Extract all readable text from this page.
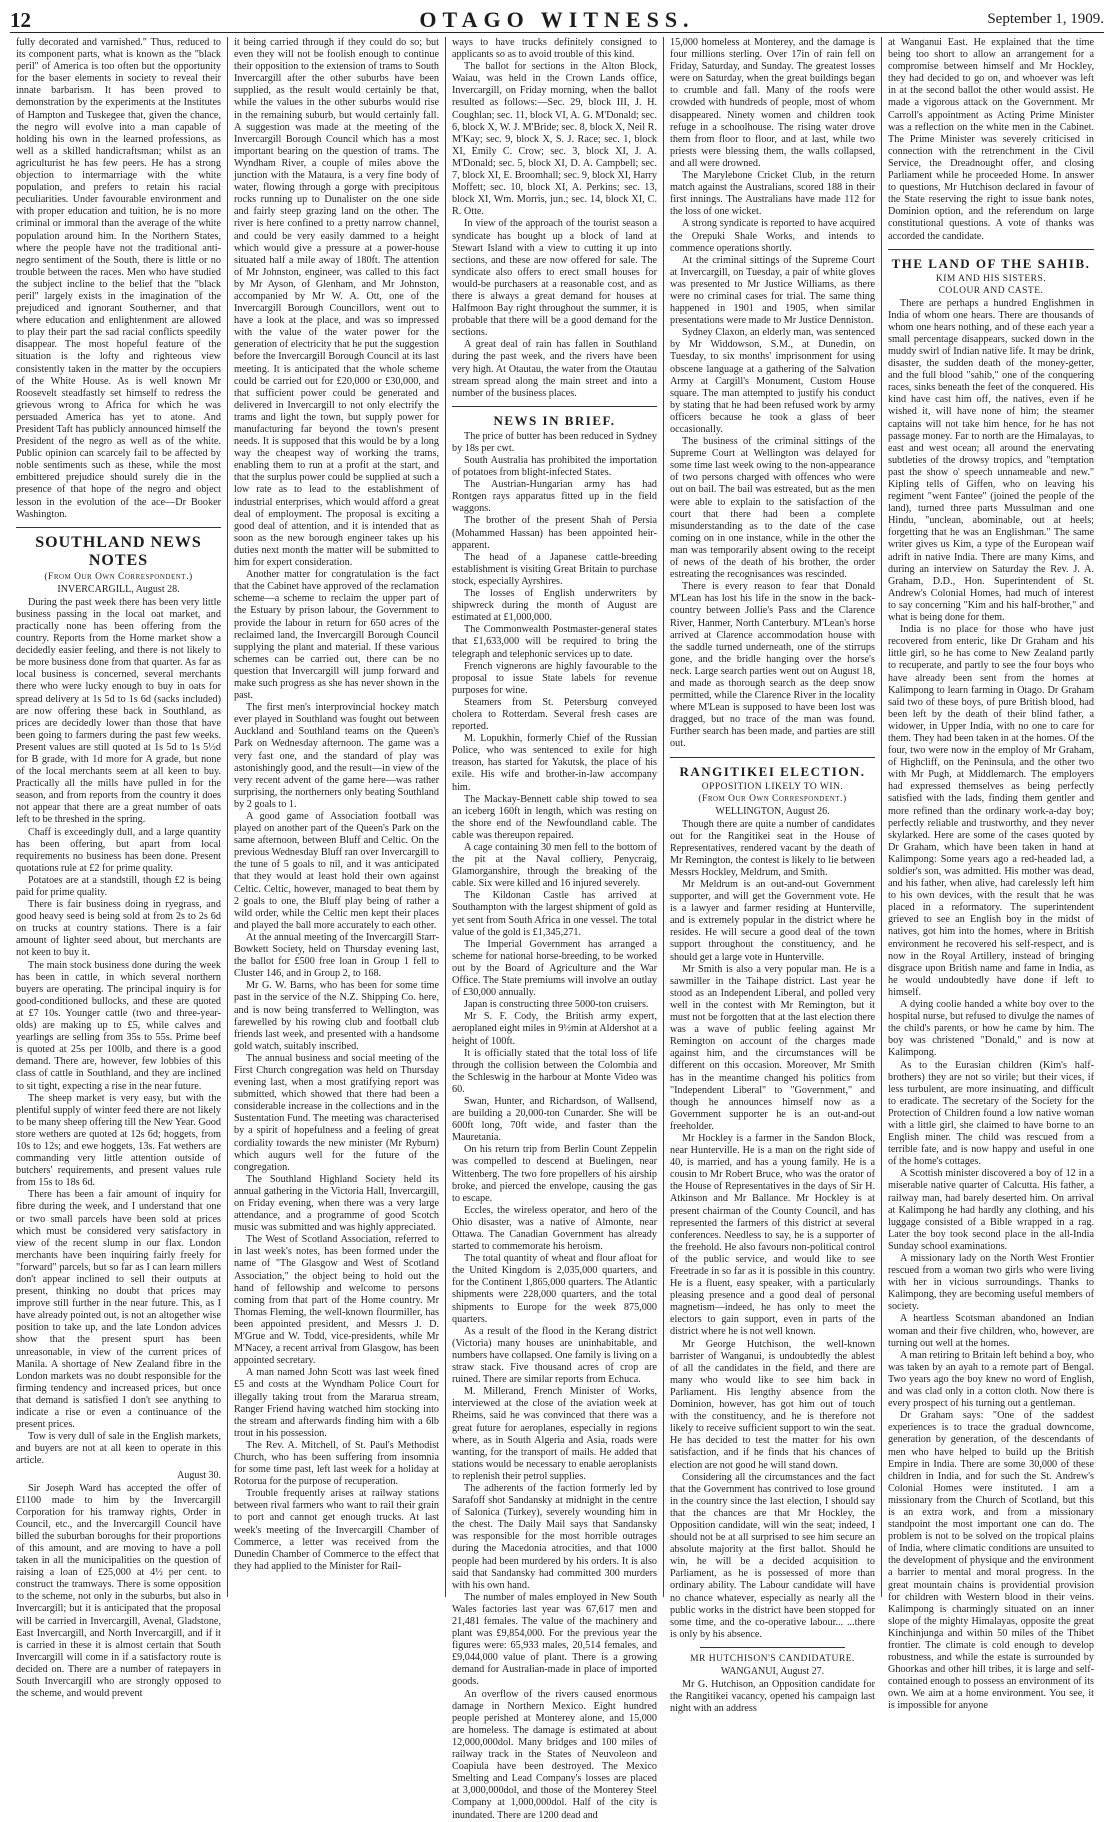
12	OTAGO WITNESS.	September 1, 1909.

fully decorated and varnished." Thus, reduced to its component parts, what is known as the "black peril" of America is too often but the opportunity for the baser elements in society to reveal their innate barbarism. It has been proved to demonstration by the experiments at the Institutes of Hampton and Tuskegee that, given the chance, the negro will evolve into a man capable of holding his own in the learned professions, as well as a skilled handicraftsman; whilst as an agriculturist he has few peers. He has a strong objection to intermarriage with the white population, and prefers to retain his racial peculiarities. Under favourable environment and with proper education and tuition, he is no more criminal or immoral than the average of the white population around him. In the Northern States, where the people have not the traditional anti-negro sentiment of the South, there is little or no trouble between the races. Men who have studied the subject incline to the belief that the "black peril" largely exists in the imagination of the prejudiced and ignorant Southerner, and that where education and enlightenment are allowed to play their part the sad racial conflicts speedily disappear. The most hopeful feature of the situation is the lofty and righteous view consistently taken in the matter by the occupiers of the White House. As is well known Mr Roosevelt steadfastly set himself to redress the grievous wrong to Africa for which he was persuaded America has yet to atone. And President Taft has publicly announced himself the President of the negro as well as of the white. Public opinion can scarcely fail to be affected by noble sentiments such as these, while the most embittered prejudice should surely die in the presence of that hope of the negro and object lesson in the evolution of the ace—Dr Booker Washington.

SOUTHLAND NEWS NOTES
(From Our Own Correspondent.)
INVERCARGILL, August 28.

During the past week there has been very little business passing in the local oat market, and practically none has been offering from the country. Reports from the Home market show a decidedly easier feeling, and there is not likely to be more business done from that quarter. As far as local business is concerned, several merchants there who were lucky enough to buy in oats for spread delivery at 1s 5d to 1s 6d (sacks included) are now offering these back in Southland, as prices are decidedly lower than those that have been going to farmers during the past few weeks. Present values are still quoted at 1s 5d to 1s 5½d for B grade, with 1d more for A grade, but none of the local merchants seem at all keen to buy. Practically all the mills have pulled in for the season, and from reports from the country it does not appear that there are a great number of oats left to be threshed in the spring.

Chaff is exceedingly dull, and a large quantity has been offering, but apart from local requirements no business has been done. Present quotations rule at £2 for prime quality.

Potatoes are at a standstill, though £2 is being paid for prime quality.

There is fair business doing in ryegrass, and good heavy seed is being sold at from 2s to 2s 6d on trucks at country stations. There is a fair amount of lighter seed about, but merchants are not keen to buy it.

The main stock business done during the week has been in cattle, in which several northern buyers are operating. The principal inquiry is for good-conditioned bullocks, and these are quoted at £7 10s. Younger cattle (two and three-year-olds) are making up to £5, while calves and yearlings are selling from 35s to 55s. Prime beef is quoted at 25s per 100lb, and there is a good demand. There are, however, few lobbies of this class of cattle in Southland, and they are inclined to sit tight, expecting a rise in the near future.

The sheep market is very easy, but with the plentiful supply of winter feed there are not likely to be many sheep offering till the New Year. Good store wethers are quoted at 12s 6d; hoggets, from 10s to 12s; and ewe hoggets, 13s. Fat wethers are commanding very little attention outside of butchers' requirements, and present values rule from 15s to 18s 6d.

There has been a fair amount of inquiry for fibre during the week, and I understand that one or two small parcels have been sold at prices which must be considered very satisfactory in view of the recent slump in our flax. London merchants have been inquiring fairly freely for "forward" parcels, but so far as I can learn millers don't appear inclined to sell their outputs at present, thinking no doubt that prices may improve still further in the near future. This, as I have already pointed out, is not an altogether wise position to take up, and the late London advices show that the present spurt has been unreasonable, in view of the current prices of Manila. A shortage of New Zealand fibre in the London markets was no doubt responsible for the firming tendency and increased prices, but once that demand is satisfied I don't see anything to indicate a rise or even a continuance of the present prices.

Tow is very dull of sale in the English markets, and buyers are not at all keen to operate in this article.

August 30.

Sir Joseph Ward has accepted the offer of £1100 made to him by the Invercargill Corporation for his tramway rights, Order in Council, etc., and the Invercargill Council have billed the suburban boroughs for their proportions of this amount, and are moving to have a poll taken in all the municipalities on the question of raising a loan of £25,000 at 4½ per cent. to construct the tramways. There is some opposition to the scheme, not only in the suburbs, but also in Invercargill; but it is anticipated that the proposal will be carried in Invercargill, Avenal, Gladstone, East Invercargill, and North Invercargill, and if it is carried in these it is almost certain that South Invercargill will come in if a satisfactory route is decided on. There are a number of ratepayers in South Invercargill who are strongly opposed to the scheme, and would prevent

it being carried through if they could do so; but even they will not be foolish enough to continue their opposition to the extension of trams to South Invercargill after the other suburbs have been supplied, as the result would certainly be that, while the values in the other suburbs would rise in the remaining suburb, but would certainly fall. A suggestion was made at the meeting of the Invercargill Borough Council which has a most important bearing on the question of trams. The Wyndham River, a couple of miles above the junction with the Mataura, is a very fine body of water, flowing through a gorge with precipitous rocks running up to Dunalister on the one side and fairly steep grazing land on the other. The river is here confined to a pretty narrow channel, and could be very easily dammed to a height which would give a pressure at a power-house situated half a mile away of 180ft. The attention of Mr Johnston, engineer, was called to this fact by Mr Ayson, of Glenham, and Mr Johnston, accompanied by Mr W. A. Ott, one of the Invercargill Borough Councillors, went out to have a look at the place, and was so impressed with the value of the water power for the generation of electricity that he put the suggestion before the Invercargill Borough Council at its last meeting. It is anticipated that the whole scheme could be carried out for £20,000 or £30,000, and that sufficient power could be generated and delivered in Invercargill to not only electrify the trams and light the town, but supply power for manufacturing far beyond the town's present needs. It is supposed that this would be by a long way the cheapest way of working the trams, enabling them to run at a profit at the start, and that the surplus power could be supplied at such a low rate as to lead to the establishment of industrial enterprises, which would afford a great deal of employment. The proposal is exciting a good deal of attention, and it is intended that as soon as the new borough engineer takes up his duties next month the matter will be submitted to him for expert consideration.

Another matter for congratulation is the fact that the Cabinet have approved of the reclamation scheme—a scheme to reclaim the upper part of the Estuary by prison labour, the Government to provide the labour in return for 650 acres of the reclaimed land, the Invercargill Borough Council supplying the plant and material. If these various schemes can be carried out, there can be no question that Invercargill will jump forward and make such progress as she has never shown in the past.

The first men's interprovincial hockey match ever played in Southland was fought out between Auckland and Southland teams on the Queen's Park on Wednesday afternoon. The game was a very fast one, and the standard of play was astonishingly good, and the result—in view of the very recent advent of the game here—was rather surprising, the northerners only beating Southland by 2 goals to 1.

A good game of Association football was played on another part of the Queen's Park on the same afternoon, between Bluff and Celtic. On the previous Wednesday Bluff ran over Invercargill to the tune of 5 goals to nil, and it was anticipated that they would at least hold their own against Celtic. Celtic, however, managed to beat them by 2 goals to one, the Bluff play being of rather a wild order, while the Celtic men kept their places and played the ball more accurately to each other.

At the annual meeting of the Invercargill Starr-Bowkett Society, held on Thursday evening last, the ballot for £500 free loan in Group 1 fell to Cluster 146, and in Group 2, to 168.

Mr G. W. Barns, who has been for some time past in the service of the N.Z. Shipping Co. here, and is now being transferred to Wellington, was farewelled by his rowing club and football club friends last week, and presented with a handsome gold watch, suitably inscribed.

The annual business and social meeting of the First Church congregation was held on Thursday evening last, when a most gratifying report was submitted, which showed that there had been a considerable increase in the collections and in the Sustentation Fund. The meeting was characterised by a spirit of hopefulness and a feeling of great cordiality towards the new minister (Mr Ryburn) which augurs well for the future of the congregation.

The Southland Highland Society held its annual gathering in the Victoria Hall, Invercargill, on Friday evening, when there was a very large attendance, and a programme of good Scotch music was submitted and was highly appreciated.

The West of Scotland Association, referred to in last week's notes, has been formed under the name of "The Glasgow and West of Scotland Association," the object being to hold out the hand of fellowship and welcome to persons coming from that part of the Home country. Mr Thomas Fleming, the well-known flourmiller, has been appointed president, and Messrs J. D. M'Grue and W. Todd, vice-presidents, while Mr M'Nacey, a recent arrival from Glasgow, has been appointed secretary.

A man named John Scott was last week fined £5 and costs at the Wyndham Police Court for illegally taking trout from the Mararua stream, Ranger Friend having watched him stocking into the stream and afterwards finding him with a 6lb trout in his possession.

The Rev. A. Mitchell, of St. Paul's Methodist Church, who has been suffering from insomnia for some time past, left last week for a holiday at Rotorua for the purpose of recuperation.

Trouble frequently arises at railway stations between rival farmers who want to rail their grain to port and cannot get enough trucks. At last week's meeting of the Invercargill Chamber of Commerce, a letter was received from the Dunedin Chamber of Commerce to the effect that they had applied to the Minister for Rail-

ways to have trucks definitely consigned to applicants so as to avoid trouble of this kind.

The ballot for sections in the Alton Block, Waiau, was held in the Crown Lands office, Invercargill, on Friday morning, when the ballot resulted as follows:—Sec. 29, block III, J. H. Coughlan; sec. 11, block VI, A. G. M'Donald; sec. 6, block X, W. J. M'Bride; sec. 8, block X, Neil R. M'Kay; sec. 9, block X, S. J. Race; sec. 1, block XI, Emily C. Crow; sec. 3, block XI, J. A. M'Donald; sec. 5, block XI, D. A. Campbell; sec. 7, block XI, E. Broomhall; sec. 9, block XI, Harry Moffett; sec. 10, block XI, A. Perkins; sec. 13, block XI, Wm. Morris, jun.; sec. 14, block XI, C. R. Otte.

In view of the approach of the tourist season a syndicate has bought up a block of land at Stewart Island with a view to cutting it up into sections, and these are now offered for sale. The syndicate also offers to erect small houses for would-be purchasers at a reasonable cost, and as there is always a great demand for houses at Halfmoon Bay right throughout the summer, it is probable that there will be a good demand for the sections.

A great deal of rain has fallen in Southland during the past week, and the rivers have been very high. At Otautau, the water from the Otautau stream spread along the main street and into a number of the business places.

NEWS IN BRIEF.

The price of butter has been reduced in Sydney by 18s per cwt.

South Australia has prohibited the importation of potatoes from blight-infected States.

The Austrian-Hungarian army has had Rontgen rays apparatus fitted up in the field waggons.

The brother of the present Shah of Persia (Mohammed Hassan) has been appointed heir-apparent.

The head of a Japanese cattle-breeding establishment is visiting Great Britain to purchase stock, especially Ayrshires.

The losses of English underwriters by shipwreck during the month of August are estimated at £1,000,000.

The Commonwealth Postmaster-general states that £1,633,000 will be required to bring the telegraph and telephonic services up to date.

French vignerons are highly favourable to the proposal to issue State labels for revenue purposes for wine.

Steamers from St. Petersburg conveyed cholera to Rotterdam. Several fresh cases are reported.

M. Lopukhin, formerly Chief of the Russian Police, who was sentenced to exile for high treason, has started for Yakutsk, the place of his exile. His wife and brother-in-law accompany him.

The Mackay-Bennett cable ship towed to sea an iceberg 160ft in length, which was resting on the shore end of the Newfoundland cable. The cable was thereupon repaired.

A cage containing 30 men fell to the bottom of the pit at the Naval colliery, Penycraig, Glamorganshire, through the breaking of the cable. Six were killed and 16 injured severely.

The Kildonan Castle has arrived at Southampton with the largest shipment of gold as yet sent from South Africa in one vessel. The total value of the gold is £1,345,271.

The Imperial Government has arranged a scheme for national horse-breeding, to be worked out by the Board of Agriculture and the War Office. The State premiums will involve an outlay of £30,000 annually.

Japan is constructing three 5000-ton cruisers.

Mr S. F. Cody, the British army expert, aeroplaned eight miles in 9½min at Aldershot at a height of 100ft.

It is officially stated that the total loss of life through the collision between the Colombia and the Schleswig in the harbour at Monte Video was 60.

Swan, Hunter, and Richardson, of Wallsend, are building a 20,000-ton Cunarder. She will be 600ft long, 70ft wide, and faster than the Mauretania.

On his return trip from Berlin Count Zeppelin was compelled to descend at Buelingen, near Wittenberg. The two fore propellers of his airship broke, and pierced the envelope, causing the gas to escape.

Eccles, the wireless operator, and hero of the Ohio disaster, was a native of Almonte, near Ottawa. The Canadian Government has already started to commemorate his heroism.

The total quantity of wheat and flour afloat for the United Kingdom is 2,035,000 quarters, and for the Continent 1,865,000 quarters. The Atlantic shipments were 228,000 quarters, and the total shipments to Europe for the week 875,000 quarters.

As a result of the flood in the Kerang district (Victoria) many houses are uninhabitable, and numbers have collapsed. One family is living on a straw stack. Five thousand acres of crop are ruined. There are similar reports from Echuca.

M. Millerand, French Minister of Works, interviewed at the close of the aviation week at Rheims, said he was convinced that there was a great future for aeroplanes, especially in regions where, as in South Algeria and Asia, roads were wanting, for the transport of mails. He added that stations would be necessary to enable aeroplanists to replenish their petrol supplies.

The adherents of the faction formerly led by Sarafoff shot Sandansky at midnight in the centre of Salonica (Turkey), severely wounding him in the chest. The Daily Mail says that Sandansky was responsible for the most horrible outrages during the Macedonia atrocities, and that 1000 people had been murdered by his orders. It is also said that Sandansky had committed 300 murders with his own hand.

The number of males employed in New South Wales factories last year was 67,617 men and 21,481 females. The value of the machinery and plant was £9,854,000. For the previous year the figures were: 65,933 males, 20,514 females, and £9,044,000 value of plant. There is a growing demand for Australian-made in place of imported goods.

An overflow of the rivers caused enormous damage in Northern Mexico. Eight hundred people perished at Monterey alone, and 15,000 are homeless. The damage is estimated at about 12,000,000dol. Many bridges and 100 miles of railway track in the States of Neuvoleon and Coapiula have been destroyed. The Mexico Smelting and Lead Company's losses are placed at 3,000,000dol, and those of the Monterey Steel Company at 1,000,000dol. Half of the city is inundated. There are 1200 dead and

15,000 homeless at Monterey, and the damage is four millions sterling. Over 17in of rain fell on Friday, Saturday, and Sunday. The greatest losses were on Saturday, when the great buildings began to crumble and fall. Many of the roofs were crowded with hundreds of people, most of whom disappeared. Ninety women and children took refuge in a schoolhouse. The rising water drove them from floor to floor, and at last, while two priests were blessing them, the walls collapsed, and all were drowned.

The Marylebone Cricket Club, in the return match against the Australians, scored 188 in their first innings. The Australians have made 112 for the loss of one wicket.

A strong syndicate is reported to have acquired the Orepuki Shale Works, and intends to commence operations shortly.

At the criminal sittings of the Supreme Court at Invercargill, on Tuesday, a pair of white gloves was presented to Mr Justice Williams, as there were no criminal cases for trial. The same thing happened in 1901 and 1905, when similar presentations were made to Mr Justice Denniston.

Sydney Claxon, an elderly man, was sentenced by Mr Widdowson, S.M., at Dunedin, on Tuesday, to six months' imprisonment for using obscene language at a gathering of the Salvation Army at Cargill's Monument, Custom House square. The man attempted to justify his conduct by stating that he had been refused work by army officers because he took a glass of beer occasionally.

The business of the criminal sittings of the Supreme Court at Wellington was delayed for some time last week owing to the non-appearance of two persons charged with offences who were out on bail. The bail was estreated, but as the men were able to explain to the satisfaction of the court that there had been a complete misunderstanding as to the date of the case coming on in one instance, while in the other the man was temporarily absent owing to the receipt of news of the death of his brother, the order estreating the recognisances was rescinded.

There is every reason to fear that Donald M'Lean has lost his life in the snow in the back-country between Jollie's Pass and the Clarence River, Hanmer, North Canterbury. M'Lean's horse arrived at Clarence accommodation house with the saddle turned underneath, one of the stirrups gone, and the bridle hanging over the horse's neck. Large search parties went out on August 18, and made as thorough search as the deep snow permitted, while the Clarence River in the locality where M'Lean is supposed to have been lost was dragged, but no trace of the man was found. Further search has been made, and parties are still out.

RANGITIKEI ELECTION.
OPPOSITION LIKELY TO WIN.
(From Our Own Correspondent.)
WELLINGTON, August 26.

Though there are quite a number of candidates out for the Rangitikei seat in the House of Representatives, rendered vacant by the death of Mr Remington, the contest is likely to lie between Messrs Hockley, Meldrum, and Smith.

Mr Meldrum is an out-and-out Government supporter, and will get the Government vote. He is a lawyer and farmer residing at Hunterville, and is extremely popular in the district where he resides. He will secure a good deal of the town support throughout the constituency, and he should get a large vote in Hunterville.

Mr Smith is also a very popular man. He is a sawmiller in the Taihape district. Last year he stood as an Independent Liberal, and polled very well in the contest with Mr Remington, but it must not be forgotten that at the last election there was a wave of public feeling against Mr Remington on account of the charges made against him, and the circumstances will be different on this occasion. Moreover, Mr Smith has in the meantime changed his politics from "Independent Liberal" to "Government," and though he announces himself now as a Government supporter he is an out-and-out freeholder.

Mr Hockley is a farmer in the Sandon Block, near Hunterville. He is a man on the right side of 40, is married, and has a young family. He is a cousin to Mr Robert Bruce, who was the orator of the House of Representatives in the days of Sir H. Atkinson and Mr Ballance. Mr Hockley is at present chairman of the County Council, and has represented the farmers of this district at several conferences. Needless to say, he is a supporter of the freehold. He also favours non-political control of the public service, and would like to see Freetrade in so far as it is possible in this country. He is a fluent, easy speaker, with a particularly pleasing presence and a good deal of personal magnetism—indeed, he has only to meet the electors to gain support, even in parts of the district where he is not well known.

Mr George Hutchison, the well-known barrister of Wanganui, is undoubtedly the ablest of all the candidates in the field, and there are many who would like to see him back in Parliament. His lengthy absence from the Dominion, however, has got him out of touch with the constituency, and he is therefore not likely to receive sufficient support to win the seat. He has decided to test the matter for his own satisfaction, and if he finds that his chances of election are not good he will stand down.

Considering all the circumstances and the fact that the Government has contrived to lose ground in the country since the last election, I should say that the chances are that Mr Hockley, the Opposition candidate, will win the seat; indeed, I should not be at all surprised to see him secure an absolute majority at the first ballot. Should he win, he will be a decided acquisition to Parliament, as he is possessed of more than ordinary ability. The Labour candidate will have no chance whatever, especially as nearly all the public works in the district have been stopped for some time, and the co-operative labour... ...there is only by his absence.

MR HUTCHISON'S CANDIDATURE.
WANGANUI, August 27.

Mr G. Hutchison, an Opposition candidate for the Rangitikei vacancy, opened his campaign last night with an address

at Wanganui East. He explained that the time being too short to allow an arrangement for a compromise between himself and Mr Hockley, they had decided to go on, and whoever was left in at the second ballot the other would assist. He made a vigorous attack on the Government. Mr Carroll's appointment as Acting Prime Minister was a reflection on the white men in the Cabinet. The Prime Minister was severely criticised in connection with the retrenchment in the Civil Service, the Dreadnought offer, and closing Parliament while he proceeded Home. In answer to questions, Mr Hutchison declared in favour of the State reserving the right to issue bank notes, Dominion option, and the referendum on large constitutional questions. A vote of thanks was accorded the candidate.

THE LAND OF THE SAHIB.
KIM AND HIS SISTERS.
COLOUR AND CASTE.

There are perhaps a hundred Englishmen in India of whom one hears. There are thousands of whom one hears nothing, and of these each year a small percentage disappears, sucked down in the muddy swirl of Indian native life. It may be drink, disaster, the sudden death of the money-getter, and the full blood "sahib," one of the conquering races, sinks beneath the feet of the conquered. His kind have cast him off, the natives, even if he wished it, will have none of him; the steamer captains will not take him hence, for he has not passage money. Far to north are the Himalayas, to east and west ocean; all around the enervating subtleties of the drowsy tropics, and "temptation past the show o' speech unnameable and new." Kipling tells of Giffen, who on leaving his regiment "went Fantee" (joined the people of the land), turned three parts Mussulman and one Hindu, "unclean, abominable, out at heels; forgetting that he was an Englishman." The same writer gives us Kim, a type of the European waif adrift in native India. There are many Kims, and during an interview on Saturday the Rev. J. A. Graham, D.D., Hon. Superintendent of St. Andrew's Colonial Homes, had much of interest to say concerning "Kim and his half-brother," and what is being done for them.

India is no place for those who have just recovered from enteric, like Dr Graham and his little girl, so he has come to New Zealand partly to recuperate, and partly to see the four boys who have already been sent from the homes at Kalimpong to learn farming in Otago. Dr Graham said two of these boys, of pure British blood, had been left by the death of their blind father, a widower, in Upper India, with no one to care for them. They had been taken in at the homes. Of the four, two were now in the employ of Mr Graham, of Highcliff, on the Peninsula, and the other two with Mr Pugh, at Middlemarch. The employers had expressed themselves as being perfectly satisfied with the lads, finding them gentler and more refined than the ordinary work-a-day boy; perfectly reliable and trustworthy, and they never skylarked. Here are some of the cases quoted by Dr Graham, which have been taken in hand at Kalimpong: Some years ago a red-headed lad, a soldier's son, was admitted. His mother was dead, and his father, when alive, had carelessly left him to his own devices, with the result that he was placed in a reformatory. The superintendent grieved to see an English boy in the midst of natives, got him into the homes, where in British environment he recovered his self-respect, and is now in the Royal Artillery, instead of bringing disgrace upon British name and fame in India, as he would undoubtedly have done if left to himself.

A dying coolie handed a white boy over to the hospital nurse, but refused to divulge the names of the child's parents, or how he came by him. The boy was christened "Donald," and is now at Kalimpong.

As to the Eurasian children (Kim's half-brothers) they are not so virile; but their vices, if less turbulent, are more insinuating, and difficult to eradicate. The secretary of the Society for the Protection of Children found a low native woman with a little girl, she claimed to have borne to an English miner. The child was rescued from a terrible fate, and is now happy and useful in one of the home's cottages.

A Scottish minister discovered a boy of 12 in a miserable native quarter of Calcutta. His father, a railway man, had barely deserted him. On arrival at Kalimpong he had hardly any clothing, and his luggage consisted of a Bible wrapped in a rag. Later the boy took second place in the all-India Sunday school examinations.

A missionary lady on the North West Frontier rescued from a woman two girls who were living with her in vicious surroundings. Thanks to Kalimpong, they are becoming useful members of society.

A heartless Scotsman abandoned an Indian woman and their five children, who, however, are turning out well at the homes.

A man retiring to Britain left behind a boy, who was taken by an ayah to a remote part of Bengal. Two years ago the boy knew no word of English, and was clad only in a cotton cloth. Now there is every prospect of his turning out a gentleman.

Dr Graham says: "One of the saddest experiences is to trace the gradual downcome, generation by generation, of the descendants of men who have helped to build up the British Empire in India. There are some 30,000 of these children in India, and for such the St. Andrew's Colonial Homes were instituted. I am a missionary from the Church of Scotland, but this is an extra work, and from a missionary standpoint the most important one can do. The problem is not to be solved on the tropical plains of India, where climatic conditions are unsuited to the development of physique and the environment a barrier to mental and moral progress. In the great mountain chains is providential provision for children with Western blood in their veins. Kalimpong is charmingly situated on an inner slope of the mighty Himalayas, opposite the great Kinchinjunga and within 50 miles of the Thibet frontier. The climate is cold enough to develop robustness, and while the estate is surrounded by Ghoorkas and other hill tribes, it is large and self-contained enough to possess an environment of its own. We aim at a home environment. You see, it is impossible for anyone
